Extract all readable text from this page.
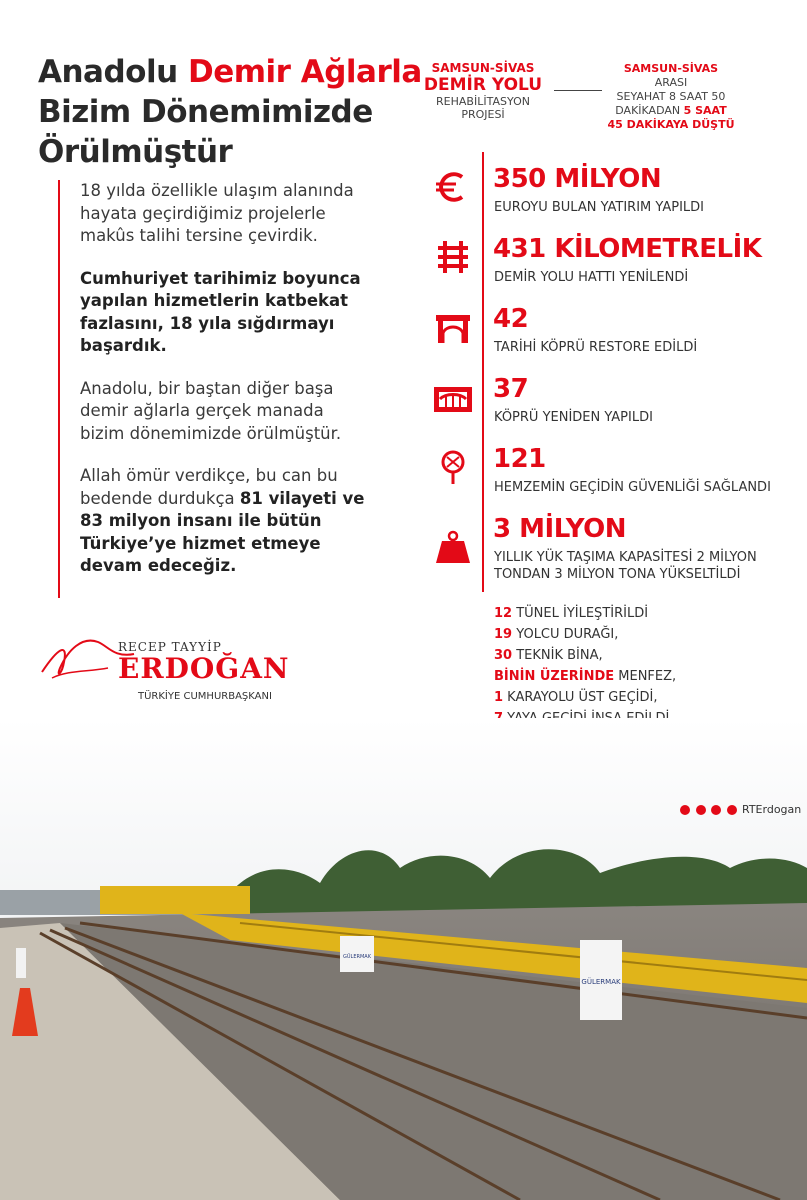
Anadolu Demir Ağlarla
Bizim Dönemimizde
Örülmüştür

18 yılda özellikle ulaşım alanında hayata geçirdiğimiz projelerle makûs talihi tersine çevirdik.

Cumhuriyet tarihimiz boyunca yapılan hizmetlerin katbekat fazlasını, 18 yıla sığdırmayı başardık.

Anadolu, bir baştan diğer başa demir ağlarla gerçek manada bizim dönemimizde örülmüştür.

Allah ömür verdikçe, bu can bu bedende durdukça 81 vilayeti ve 83 milyon insanı ile bütün Türkiye’ye hizmet etmeye devam edeceğiz.

RECEP TAYYİP
ERDOĞAN
TÜRKİYE CUMHURBAŞKANI
SAMSUN-SİVAS
DEMİR YOLU
REHABİLİTASYON
PROJESİ
SAMSUN-SİVAS ARASI
SEYAHAT 8 SAAT 50
DAKİKADAN 5 SAAT
45 DAKİKAYA DÜŞTÜ
350 MİLYON
EUROYU BULAN YATIRIM YAPILDI
431 KİLOMETRELİK
DEMİR YOLU HATTI YENİLENDİ
42
TARİHİ KÖPRÜ RESTORE EDİLDİ
37
KÖPRÜ YENİDEN YAPILDI
121
HEMZEMİN GEÇİDİN GÜVENLİĞİ SAĞLANDI
3 MİLYON
YILLIK YÜK TAŞIMA KAPASİTESİ 2 MİLYON
TONDAN 3 MİLYON TONA YÜKSELTİLDİ
12 TÜNEL İYİLEŞTİRİLDİ
19 YOLCU DURAĞI,
30 TEKNİK BİNA,
BİNİN ÜZERİNDE MENFEZ,
1 KARAYOLU ÜST GEÇİDİ,
GÜLERMAK
GÜLERMAK
RTErdogan
